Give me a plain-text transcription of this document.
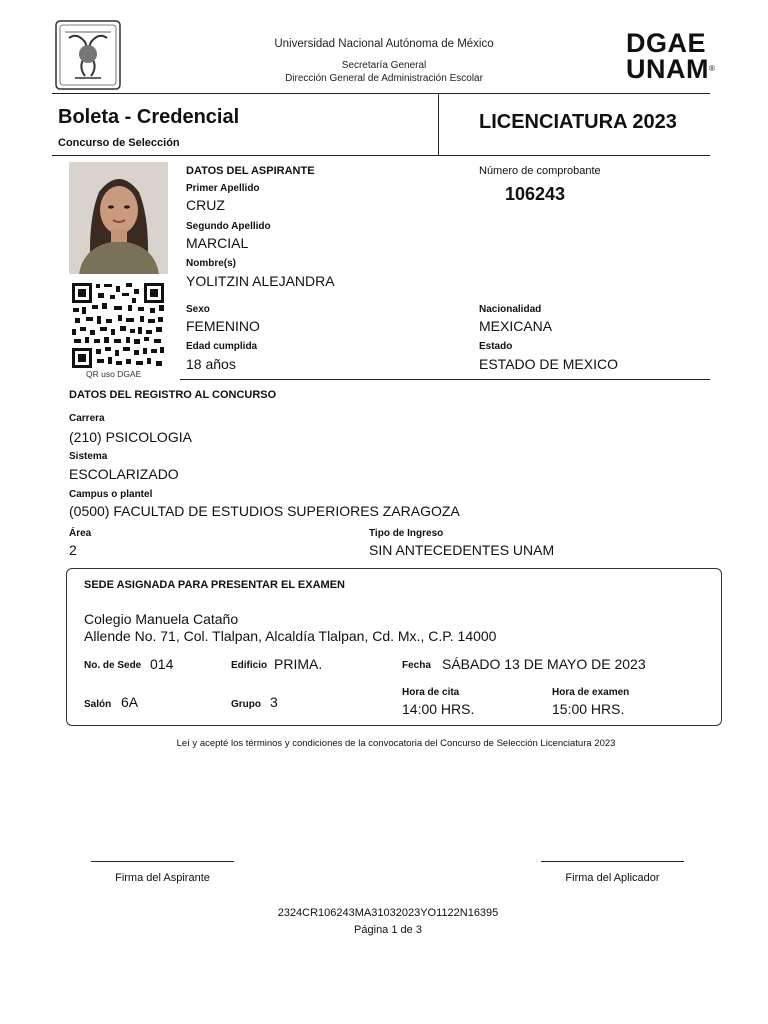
Universidad Nacional Autónoma de México
Secretaría General
Dirección General de Administración Escolar
DGAE
UNAM®
Boleta - Credencial
Concurso de Selección
LICENCIATURA 2023
QR uso DGAE
DATOS DEL ASPIRANTE
Primer Apellido
CRUZ
Segundo Apellido
MARCIAL
Nombre(s)
YOLITZIN ALEJANDRA
Sexo
FEMENINO
Edad cumplida
18 años
Número de comprobante
106243
Nacionalidad
MEXICANA
Estado
ESTADO DE MEXICO
DATOS DEL REGISTRO AL CONCURSO
Carrera
(210) PSICOLOGIA
Sistema
ESCOLARIZADO
Campus o plantel
(0500) FACULTAD DE ESTUDIOS SUPERIORES ZARAGOZA
Área
2
Tipo de Ingreso
SIN ANTECEDENTES UNAM
SEDE ASIGNADA PARA PRESENTAR EL EXAMEN
Colegio Manuela Cataño
Allende No. 71, Col. Tlalpan, Alcaldía Tlalpan, Cd. Mx., C.P. 14000
No. de Sede 014	Edificio PRIMA.	Fecha SÁBADO 13 DE MAYO DE 2023
Salón 6A	Grupo 3
Hora de cita
14:00 HRS.
Hora de examen
15:00 HRS.
Leí y acepté los términos y condiciones de la convocatoria del Concurso de Selección Licenciatura 2023
Firma del Aspirante	Firma del Aplicador
2324CR106243MA31032023YO1122N16395
Página 1 de 3
